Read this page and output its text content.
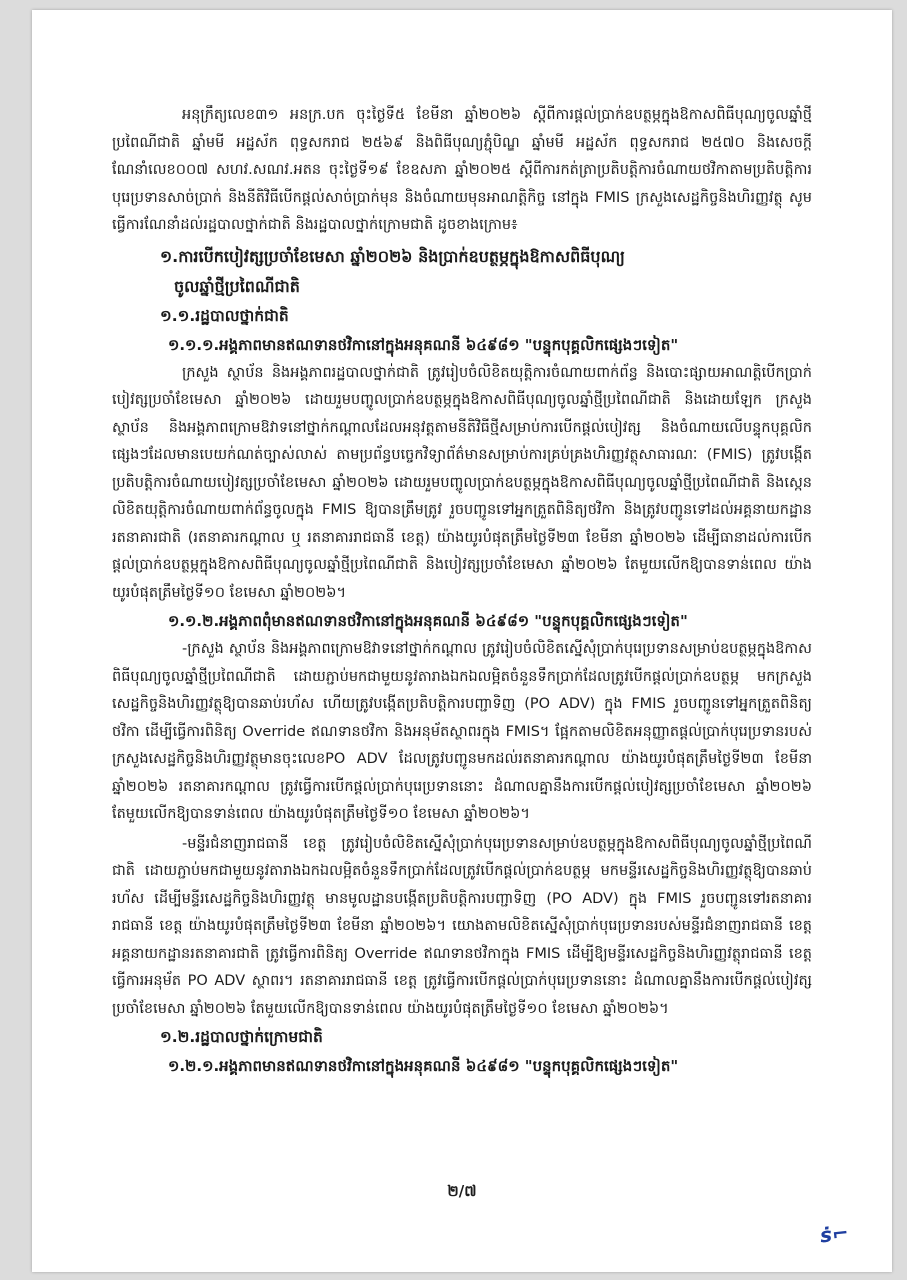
អនុក្រឹត្យលេខ៣១ អនក្រ.បក ចុះថ្ងៃទី៥ ខែមីនា ឆ្នាំ២០២៦ ស្តីពីការផ្តល់ប្រាក់ឧបត្ថម្ភក្នុងឱកាសពិធីបុណ្យចូលឆ្នាំថ្មីប្រពៃណីជាតិ ឆ្នាំមមី អដ្ឋស័ក ពុទ្ធសករាជ ២៥៦៩ និងពិធីបុណ្យភ្ជុំបិណ្ឌ ឆ្នាំមមី អដ្ឋស័ក ពុទ្ធសករាជ ២៥៧០ និងសេចក្តីណែនាំលេខ០០៧ សហវ.សណវ.អតន ចុះថ្ងៃទី១៩ ខែឧសភា ឆ្នាំ២០២៥ ស្តីពីការកត់ត្រាប្រតិបត្តិការចំណាយថវិកាតាមប្រតិបត្តិការបុរេប្រទានសាច់ប្រាក់ និងនីតិវិធីបើកផ្តល់សាច់ប្រាក់មុន និងចំណាយមុនអាណត្តិកិច្ច នៅក្នុង FMIS ក្រសួងសេដ្ឋកិច្ចនិងហិរញ្ញវត្ថុ សូមធ្វើការណែនាំដល់រដ្ឋបាលថ្នាក់ជាតិ និងរដ្ឋបាលថ្នាក់ក្រោមជាតិ ដូចខាងក្រោម៖

១.ការបើកបៀវត្សប្រចាំខែមេសា ឆ្នាំ២០២៦ និងប្រាក់ឧបត្ថម្ភក្នុងឱកាសពិធីបុណ្យ
ចូលឆ្នាំថ្មីប្រពៃណីជាតិ
១.១.រដ្ឋបាលថ្នាក់ជាតិ
១.១.១.អង្គភាពមានឥណទានថវិកានៅក្នុងអនុគណនី ៦៤៩៨១ "បន្ទុកបុគ្គលិកផ្សេងៗទៀត"

ក្រសួង ស្ថាប័ន និងអង្គភាពរដ្ឋបាលថ្នាក់ជាតិ ត្រូវរៀបចំលិខិតយុត្តិការចំណាយពាក់ព័ន្ធ និងបោះផ្សាយអាណត្តិបើកប្រាក់បៀវត្សប្រចាំខែមេសា ឆ្នាំ២០២៦ ដោយរួមបញ្ចូលប្រាក់ឧបត្ថម្ភក្នុងឱកាសពិធីបុណ្យចូលឆ្នាំថ្មីប្រពៃណីជាតិ និងដោយឡែក ក្រសួង ស្ថាប័ន និងអង្គភាពក្រោមឱវាទនៅថ្នាក់កណ្តាលដែលអនុវត្តតាមនីតិវិធីថ្មីសម្រាប់ការបើកផ្តល់បៀវត្ស និងចំណាយលើបន្ទុកបុគ្គលិកផ្សេងៗដែលមានបេយក់ណត់ច្បាស់លាស់ តាមប្រព័ន្ធបច្ចេកវិទ្យាព័ត៌មានសម្រាប់ការគ្រប់គ្រងហិរញ្ញវត្ថុសាធារណៈ (FMIS) ត្រូវបង្កើតប្រតិបត្តិការចំណាយបៀវត្សប្រចាំខែមេសា ឆ្នាំ២០២៦ ដោយរួមបញ្ចូលប្រាក់ឧបត្ថម្ភក្នុងឱកាសពិធីបុណ្យចូលឆ្នាំថ្មីប្រពៃណីជាតិ និងស្កេនលិខិតយុត្តិការចំណាយពាក់ព័ន្ធចូលក្នុង FMIS ឱ្យបានត្រឹមត្រូវ រួចបញ្ជូនទៅអ្នកត្រួតពិនិត្យថវិកា និងត្រូវបញ្ជូនទៅដល់អគ្គនាយកដ្ឋានរតនាគារជាតិ (រតនាគារកណ្តាល ឬ រតនាគាររាជធានី ខេត្ត) យ៉ាងយូរបំផុតត្រឹមថ្ងៃទី២៣ ខែមីនា ឆ្នាំ២០២៦ ដើម្បីធានាដល់ការបើកផ្តល់ប្រាក់ឧបត្ថម្ភក្នុងឱកាសពិធីបុណ្យចូលឆ្នាំថ្មីប្រពៃណីជាតិ និងបៀវត្សប្រចាំខែមេសា ឆ្នាំ២០២៦ តែមួយលើកឱ្យបានទាន់ពេល យ៉ាងយូរបំផុតត្រឹមថ្ងៃទី១០ ខែមេសា ឆ្នាំ២០២៦។

១.១.២.អង្គភាពពុំមានឥណទានថវិកានៅក្នុងអនុគណនី ៦៤៩៨១ "បន្ទុកបុគ្គលិកផ្សេងៗទៀត"

-ក្រសួង ស្ថាប័ន និងអង្គភាពក្រោមឱវាទនៅថ្នាក់កណ្តាល ត្រូវរៀបចំលិខិតស្នើសុំប្រាក់បុរេប្រទានសម្រាប់ឧបត្ថម្ភក្នុងឱកាសពិធីបុណ្យចូលឆ្នាំថ្មីប្រពៃណីជាតិ ដោយភ្ជាប់មកជាមួយនូវតារាងឯកឯលម្អិតចំនួនទឹកប្រាក់ដែលត្រូវបើកផ្តល់ប្រាក់ឧបត្ថម្ភ មកក្រសួងសេដ្ឋកិច្ចនិងហិរញ្ញវត្ថុឱ្យបានឆាប់រហ័ស ហើយត្រូវបង្កើតប្រតិបត្តិការបញ្ជាទិញ (PO ADV) ក្នុង FMIS រួចបញ្ជូនទៅអ្នកត្រួតពិនិត្យថវិកា ដើម្បីធ្វើការពិនិត្យ Override ឥណទានថវិកា និងអនុម័តស្ថាពរក្នុង FMIS។ ផ្អែកតាមលិខិតអនុញ្ញាតផ្តល់ប្រាក់បុរេប្រទានរបស់ក្រសួងសេដ្ឋកិច្ចនិងហិរញ្ញវត្ថុមានចុះលេខPO ADV ដែលត្រូវបញ្ជូនមកដល់រតនាគារកណ្តាល យ៉ាងយូរបំផុតត្រឹមថ្ងៃទី២៣ ខែមីនា ឆ្នាំ២០២៦ រតនាគារកណ្តាល ត្រូវធ្វើការបើកផ្តល់ប្រាក់បុរេប្រទាននោះ ដំណាលគ្នានឹងការបើកផ្តល់បៀវត្សប្រចាំខែមេសា ឆ្នាំ២០២៦ តែមួយលើកឱ្យបានទាន់ពេល យ៉ាងយូរបំផុតត្រឹមថ្ងៃទី១០ ខែមេសា ឆ្នាំ២០២៦។

-មន្ទីរជំនាញរាជធានី ខេត្ត ត្រូវរៀបចំលិខិតស្នើសុំប្រាក់បុរេប្រទានសម្រាប់ឧបត្ថម្ភក្នុងឱកាសពិធីបុណ្យចូលឆ្នាំថ្មីប្រពៃណីជាតិ ដោយភ្ជាប់មកជាមួយនូវតារាងឯកឯលម្អិតចំនួនទឹកប្រាក់ដែលត្រូវបើកផ្តល់ប្រាក់ឧបត្ថម្ភ មកមន្ទីរសេដ្ឋកិច្ចនិងហិរញ្ញវត្ថុឱ្យបានឆាប់រហ័ស ដើម្បីមន្ទីរសេដ្ឋកិច្ចនិងហិរញ្ញវត្ថុ មានមូលដ្ឋានបង្កើតប្រតិបត្តិការបញ្ជាទិញ (PO ADV) ក្នុង FMIS រួចបញ្ជូនទៅរតនាគាររាជធានី ខេត្ត យ៉ាងយូរបំផុតត្រឹមថ្ងៃទី២៣ ខែមីនា ឆ្នាំ២០២៦។ យោងតាមលិខិតស្នើសុំប្រាក់បុរេប្រទានរបស់មន្ទីរជំនាញរាជធានី ខេត្ត អគ្គនាយកដ្ឋានរតនាគារជាតិ ត្រូវធ្វើការពិនិត្យ Override ឥណទានថវិកាក្នុង FMIS ដើម្បីឱ្យមន្ទីរសេដ្ឋកិច្ចនិងហិរញ្ញវត្ថុរាជធានី ខេត្ត ធ្វើការអនុម័ត PO ADV ស្ថាពរ។ រតនាគាររាជធានី ខេត្ត ត្រូវធ្វើការបើកផ្តល់ប្រាក់បុរេប្រទាននោះ ដំណាលគ្នានឹងការបើកផ្តល់បៀវត្សប្រចាំខែមេសា ឆ្នាំ២០២៦ តែមួយលើកឱ្យបានទាន់ពេល យ៉ាងយូរបំផុតត្រឹមថ្ងៃទី១០ ខែមេសា ឆ្នាំ២០២៦។

១.២.រដ្ឋបាលថ្នាក់ក្រោមជាតិ
១.២.១.អង្គភាពមានឥណទានថវិកានៅក្នុងអនុគណនី ៦៤៩៨១ "បន្ទុកបុគ្គលិកផ្សេងៗទៀត"
២/៧
ṡ⌐
